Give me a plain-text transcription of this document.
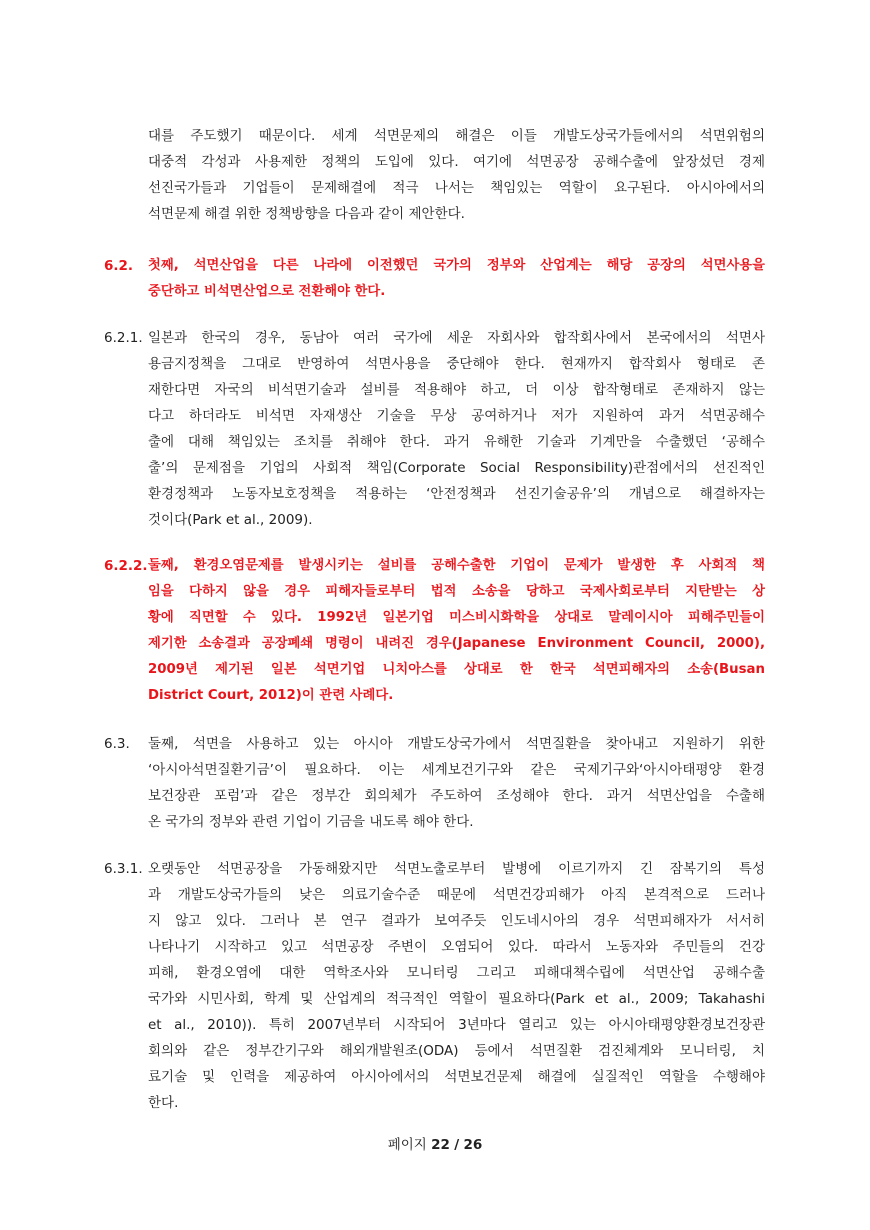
대를 주도했기 때문이다. 세계 석면문제의 해결은 이들 개발도상국가들에서의 석면위험의
대중적 각성과 사용제한 정책의 도입에 있다. 여기에 석면공장 공해수출에 앞장섰던 경제
선진국가들과 기업들이 문제해결에 적극 나서는 책임있는 역할이 요구된다. 아시아에서의
석면문제 해결 위한 정책방향을 다음과 같이 제안한다.
6.2. 첫째, 석면산업을 다른 나라에 이전했던 국가의 정부와 산업계는 해당 공장의 석면사용을
중단하고 비석면산업으로 전환해야 한다.
6.2.1. 일본과 한국의 경우, 동남아 여러 국가에 세운 자회사와 합작회사에서 본국에서의 석면사
용금지정책을 그대로 반영하여 석면사용을 중단해야 한다. 현재까지 합작회사 형태로 존
재한다면 자국의 비석면기술과 설비를 적용해야 하고, 더 이상 합작형태로 존재하지 않는
다고 하더라도 비석면 자재생산 기술을 무상 공여하거나 저가 지원하여 과거 석면공해수
출에 대해 책임있는 조치를 취해야 한다. 과거 유해한 기술과 기계만을 수출했던 ‘공해수
출’의 문제점을 기업의 사회적 책임(Corporate Social Responsibility)관점에서의 선진적인
환경정책과 노동자보호정책을 적용하는 ‘안전정책과 선진기술공유’의 개념으로 해결하자는
것이다(Park et al., 2009).
6.2.2. 둘째, 환경오염문제를 발생시키는 설비를 공해수출한 기업이 문제가 발생한 후 사회적 책
임을 다하지 않을 경우 피해자들로부터 법적 소송을 당하고 국제사회로부터 지탄받는 상
황에 직면할 수 있다. 1992년 일본기업 미스비시화학을 상대로 말레이시아 피해주민들이
제기한 소송결과 공장폐쇄 명령이 내려진 경우(Japanese Environment Council, 2000),
2009년 제기된 일본 석면기업 니치아스를 상대로 한 한국 석면피해자의 소송(Busan
District Court, 2012)이 관련 사례다.
6.3. 둘째, 석면을 사용하고 있는 아시아 개발도상국가에서 석면질환을 찾아내고 지원하기 위한
‘아시아석면질환기금’이 필요하다. 이는 세계보건기구와 같은 국제기구와‘아시아태평양 환경
보건장관 포럼’과 같은 정부간 회의체가 주도하여 조성해야 한다. 과거 석면산업을 수출해
온 국가의 정부와 관련 기업이 기금을 내도록 해야 한다.
6.3.1. 오랫동안 석면공장을 가동해왔지만 석면노출로부터 발병에 이르기까지 긴 잠복기의 특성
과 개발도상국가들의 낮은 의료기술수준 때문에 석면건강피해가 아직 본격적으로 드러나
지 않고 있다. 그러나 본 연구 결과가 보여주듯 인도네시아의 경우 석면피해자가 서서히
나타나기 시작하고 있고 석면공장 주변이 오염되어 있다. 따라서 노동자와 주민들의 건강
피해, 환경오염에 대한 역학조사와 모니터링 그리고 피해대책수립에 석면산업 공해수출
국가와 시민사회, 학계 및 산업계의 적극적인 역할이 필요하다(Park et al., 2009; Takahashi
et al., 2010)). 특히 2007년부터 시작되어 3년마다 열리고 있는 아시아태평양환경보건장관
회의와 같은 정부간기구와 해외개발원조(ODA) 등에서 석면질환 검진체계와 모니터링, 치
료기술 및 인력을 제공하여 아시아에서의 석면보건문제 해결에 실질적인 역할을 수행해야
한다.
페이지 22 / 26
